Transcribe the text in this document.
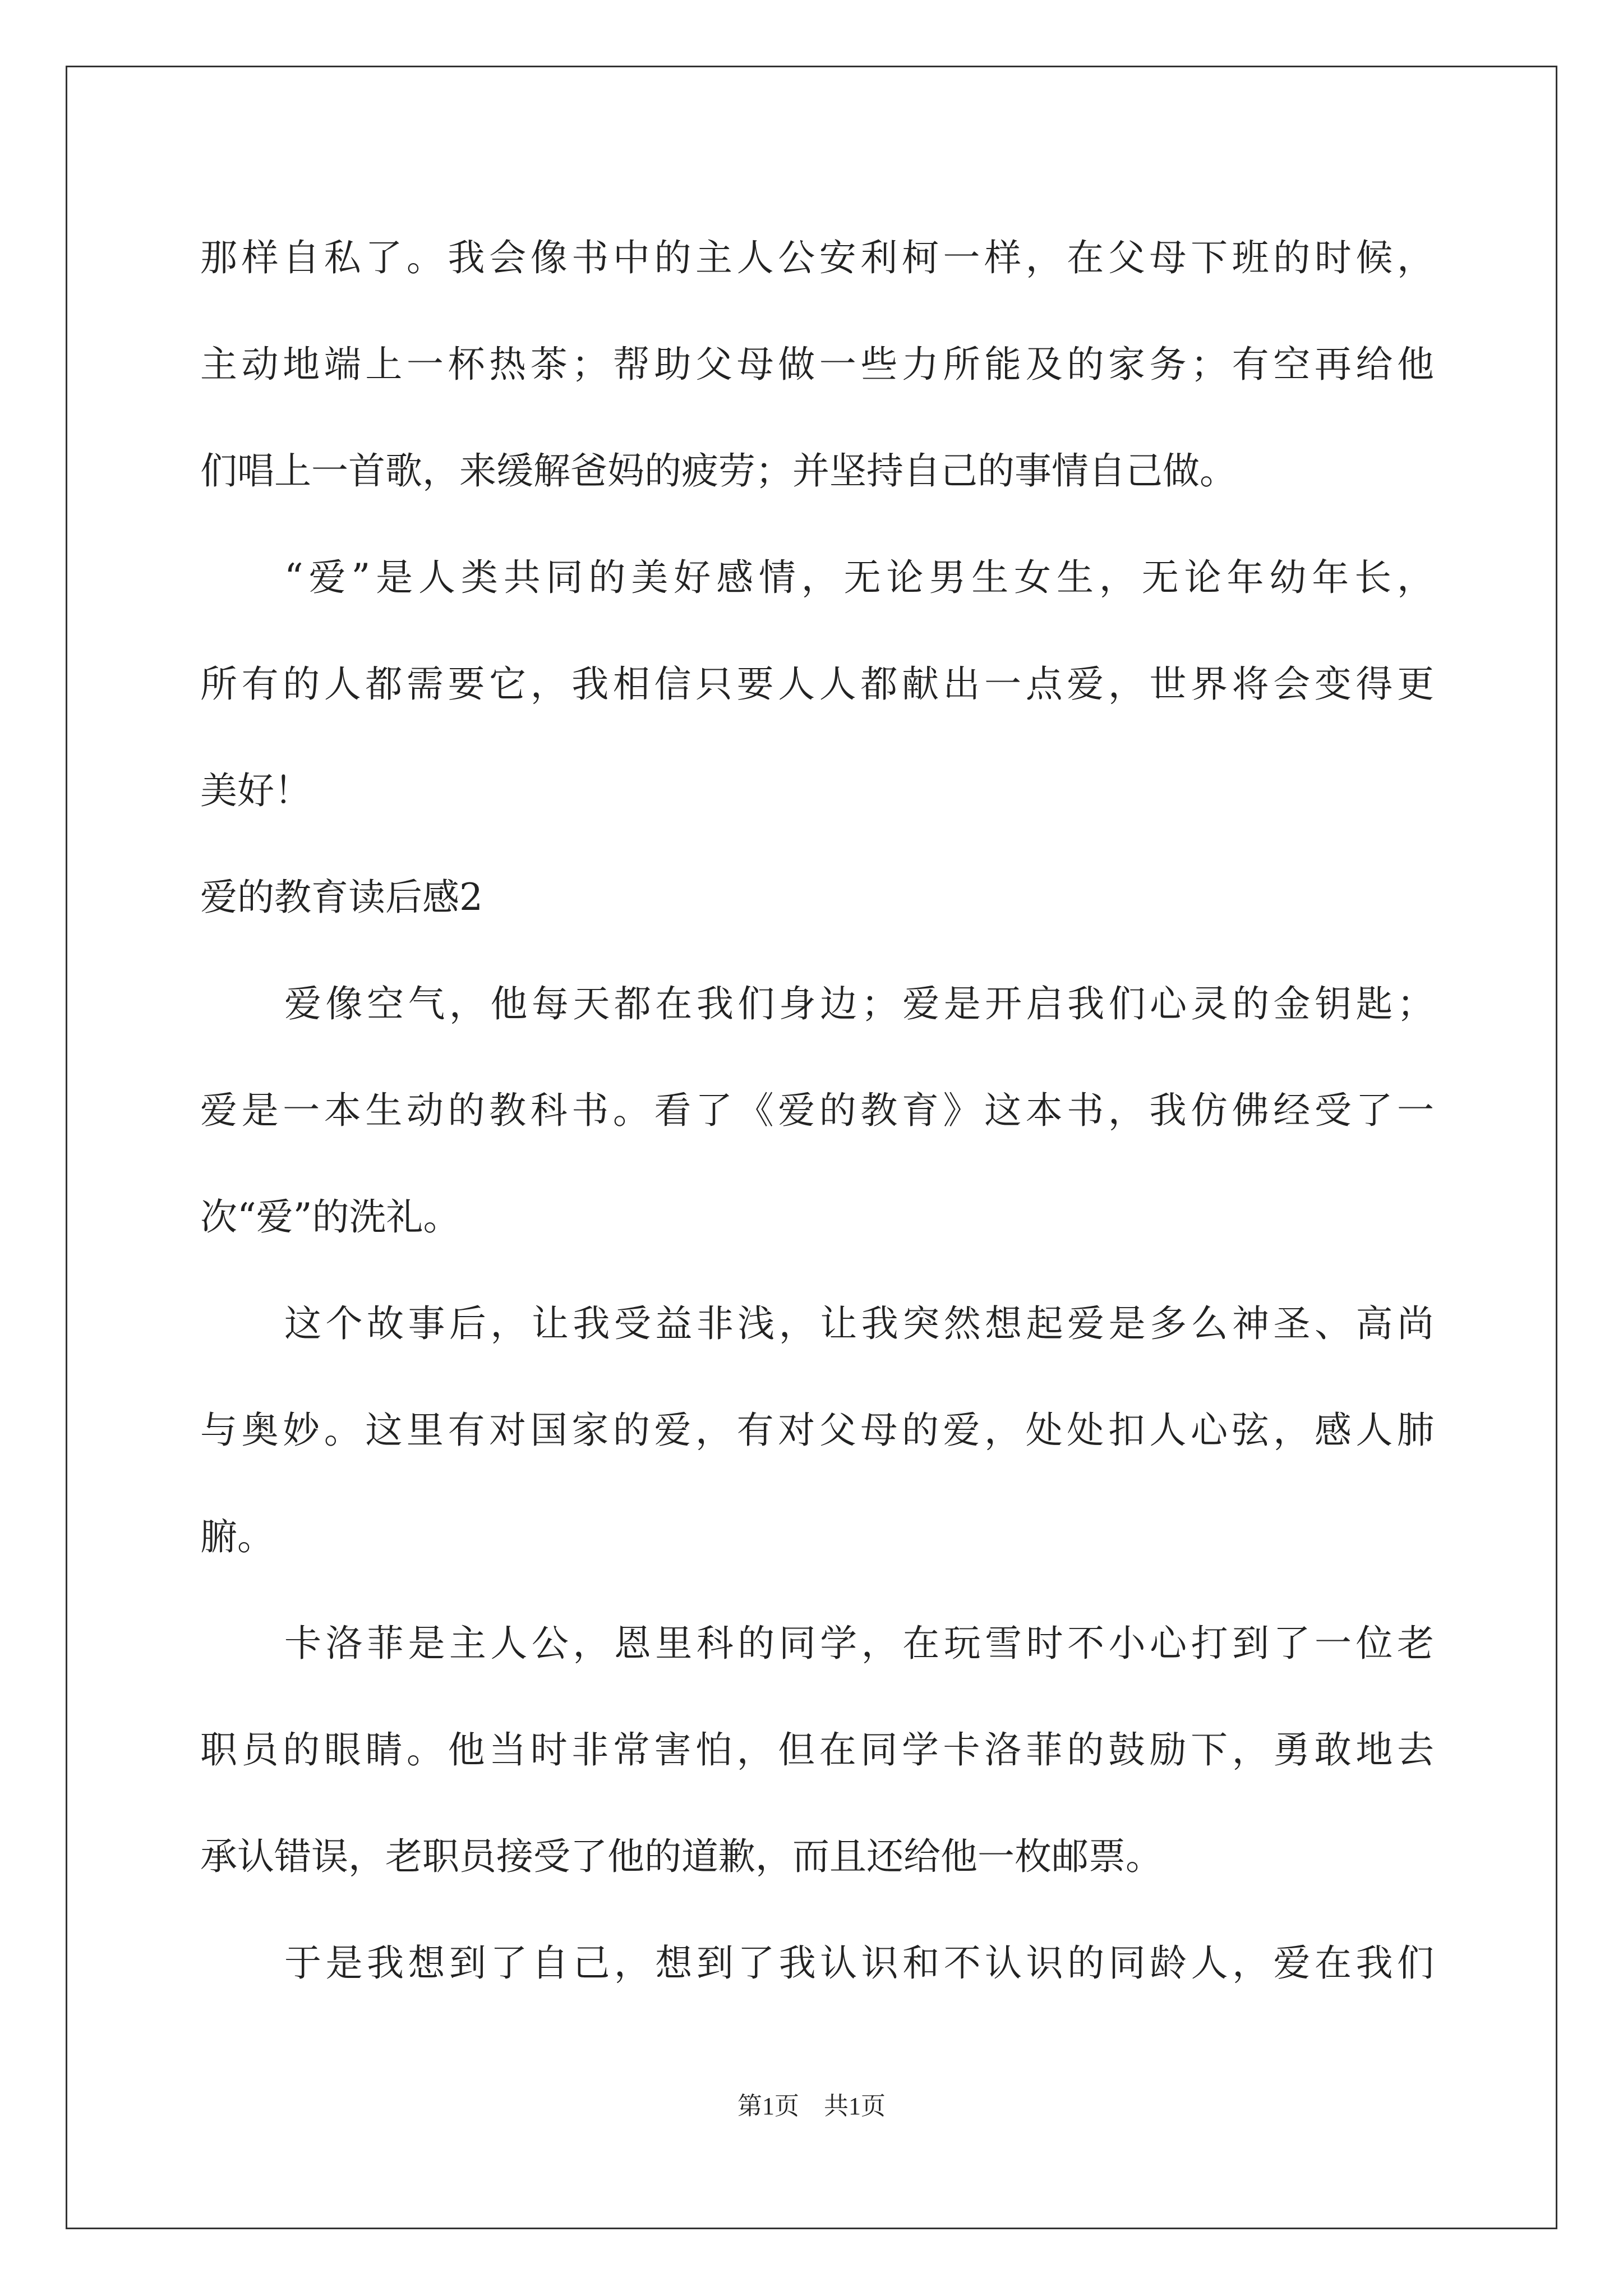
那样自私了。我会像书中的主人公安利柯一样，在父母下班的时候，
主动地端上一杯热茶；帮助父母做一些力所能及的家务；有空再给他
们唱上一首歌，来缓解爸妈的疲劳；并坚持自己的事情自己做。
“爱”是人类共同的美好感情，无论男生女生，无论年幼年长，
所有的人都需要它，我相信只要人人都献出一点爱，世界将会变得更
美好！
爱的教育读后感2
爱像空气，他每天都在我们身边；爱是开启我们心灵的金钥匙；
爱是一本生动的教科书。看了《爱的教育》这本书，我仿佛经受了一
次“爱”的洗礼。
这个故事后，让我受益非浅，让我突然想起爱是多么神圣、高尚
与奥妙。这里有对国家的爱，有对父母的爱，处处扣人心弦，感人肺
腑。
卡洛菲是主人公，恩里科的同学，在玩雪时不小心打到了一位老
职员的眼睛。他当时非常害怕，但在同学卡洛菲的鼓励下，勇敢地去
承认错误，老职员接受了他的道歉，而且还给他一枚邮票。
于是我想到了自己，想到了我认识和不认识的同龄人，爱在我们
第1页　共1页
